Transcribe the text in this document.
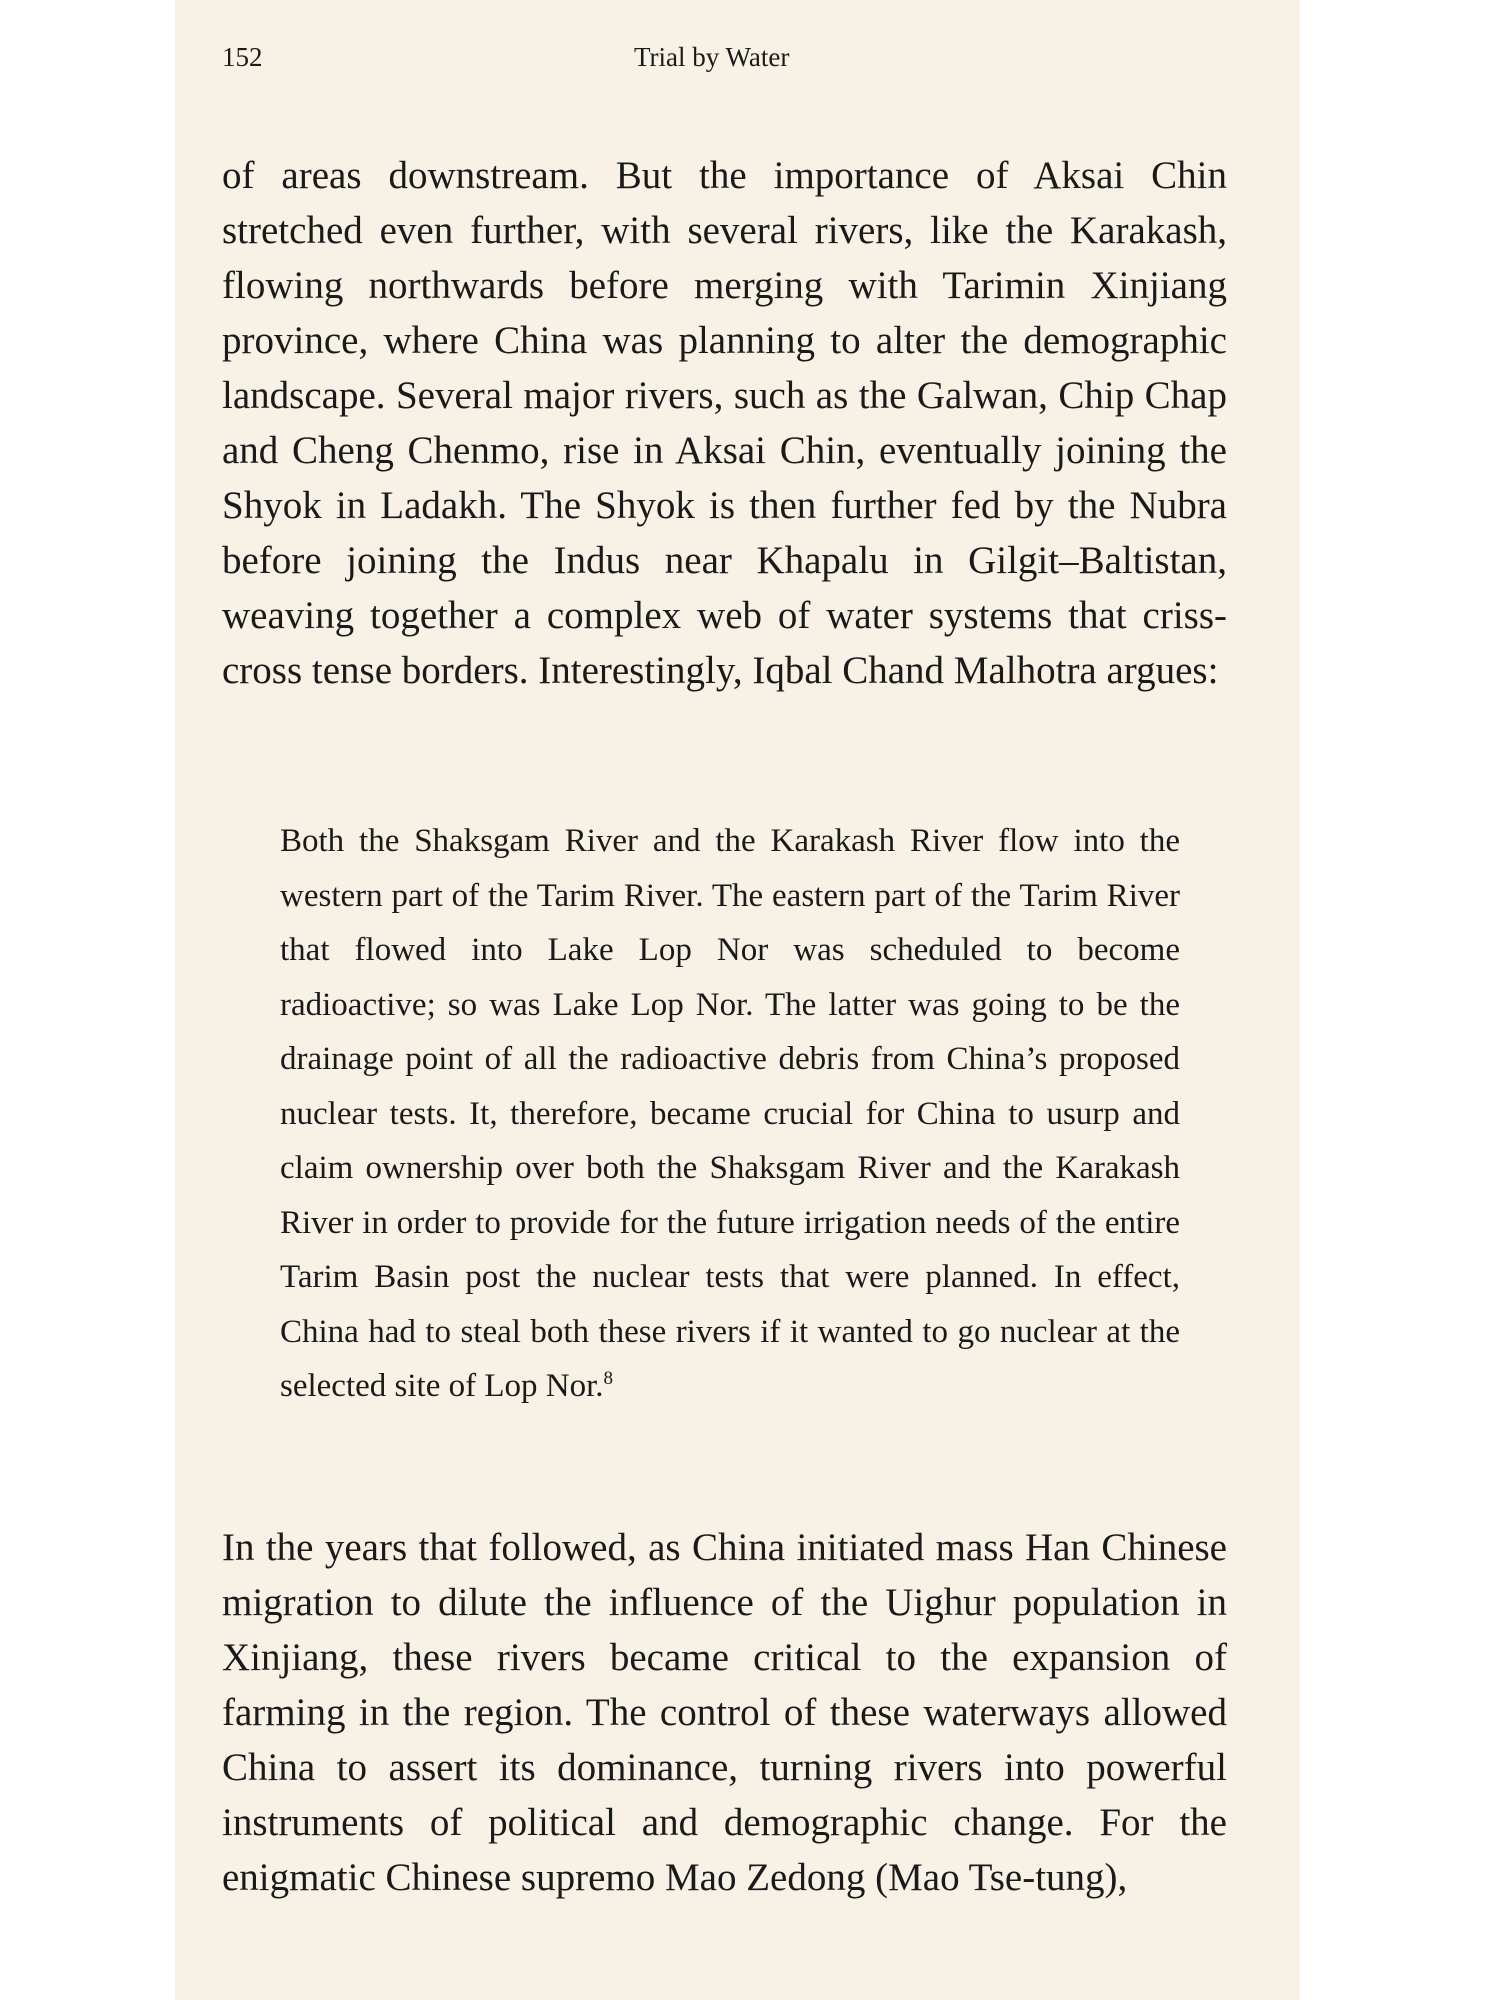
152	Trial by Water

of areas downstream. But the importance of Aksai Chin stretched even further, with several rivers, like the Karakash, flowing northwards before merging with Tarimin Xinjiang province, where China was planning to alter the demographic landscape. Several major rivers, such as the Galwan, Chip Chap and Cheng Chenmo, rise in Aksai Chin, eventually joining the Shyok in Ladakh. The Shyok is then further fed by the Nubra before joining the Indus near Khapalu in Gilgit–Baltistan, weaving together a complex web of water systems that criss-cross tense borders. Interestingly, Iqbal Chand Malhotra argues:

Both the Shaksgam River and the Karakash River flow into the western part of the Tarim River. The eastern part of the Tarim River that flowed into Lake Lop Nor was scheduled to become radioactive; so was Lake Lop Nor. The latter was going to be the drainage point of all the radioactive debris from China’s proposed nuclear tests. It, therefore, became crucial for China to usurp and claim ownership over both the Shaksgam River and the Karakash River in order to provide for the future irrigation needs of the entire Tarim Basin post the nuclear tests that were planned. In effect, China had to steal both these rivers if it wanted to go nuclear at the selected site of Lop Nor.$^8$

In the years that followed, as China initiated mass Han Chinese migration to dilute the influence of the Uighur population in Xinjiang, these rivers became critical to the expansion of farming in the region. The control of these waterways allowed China to assert its dominance, turning rivers into powerful instruments of political and demographic change. For the enigmatic Chinese supremo Mao Zedong (Mao Tse-tung),
